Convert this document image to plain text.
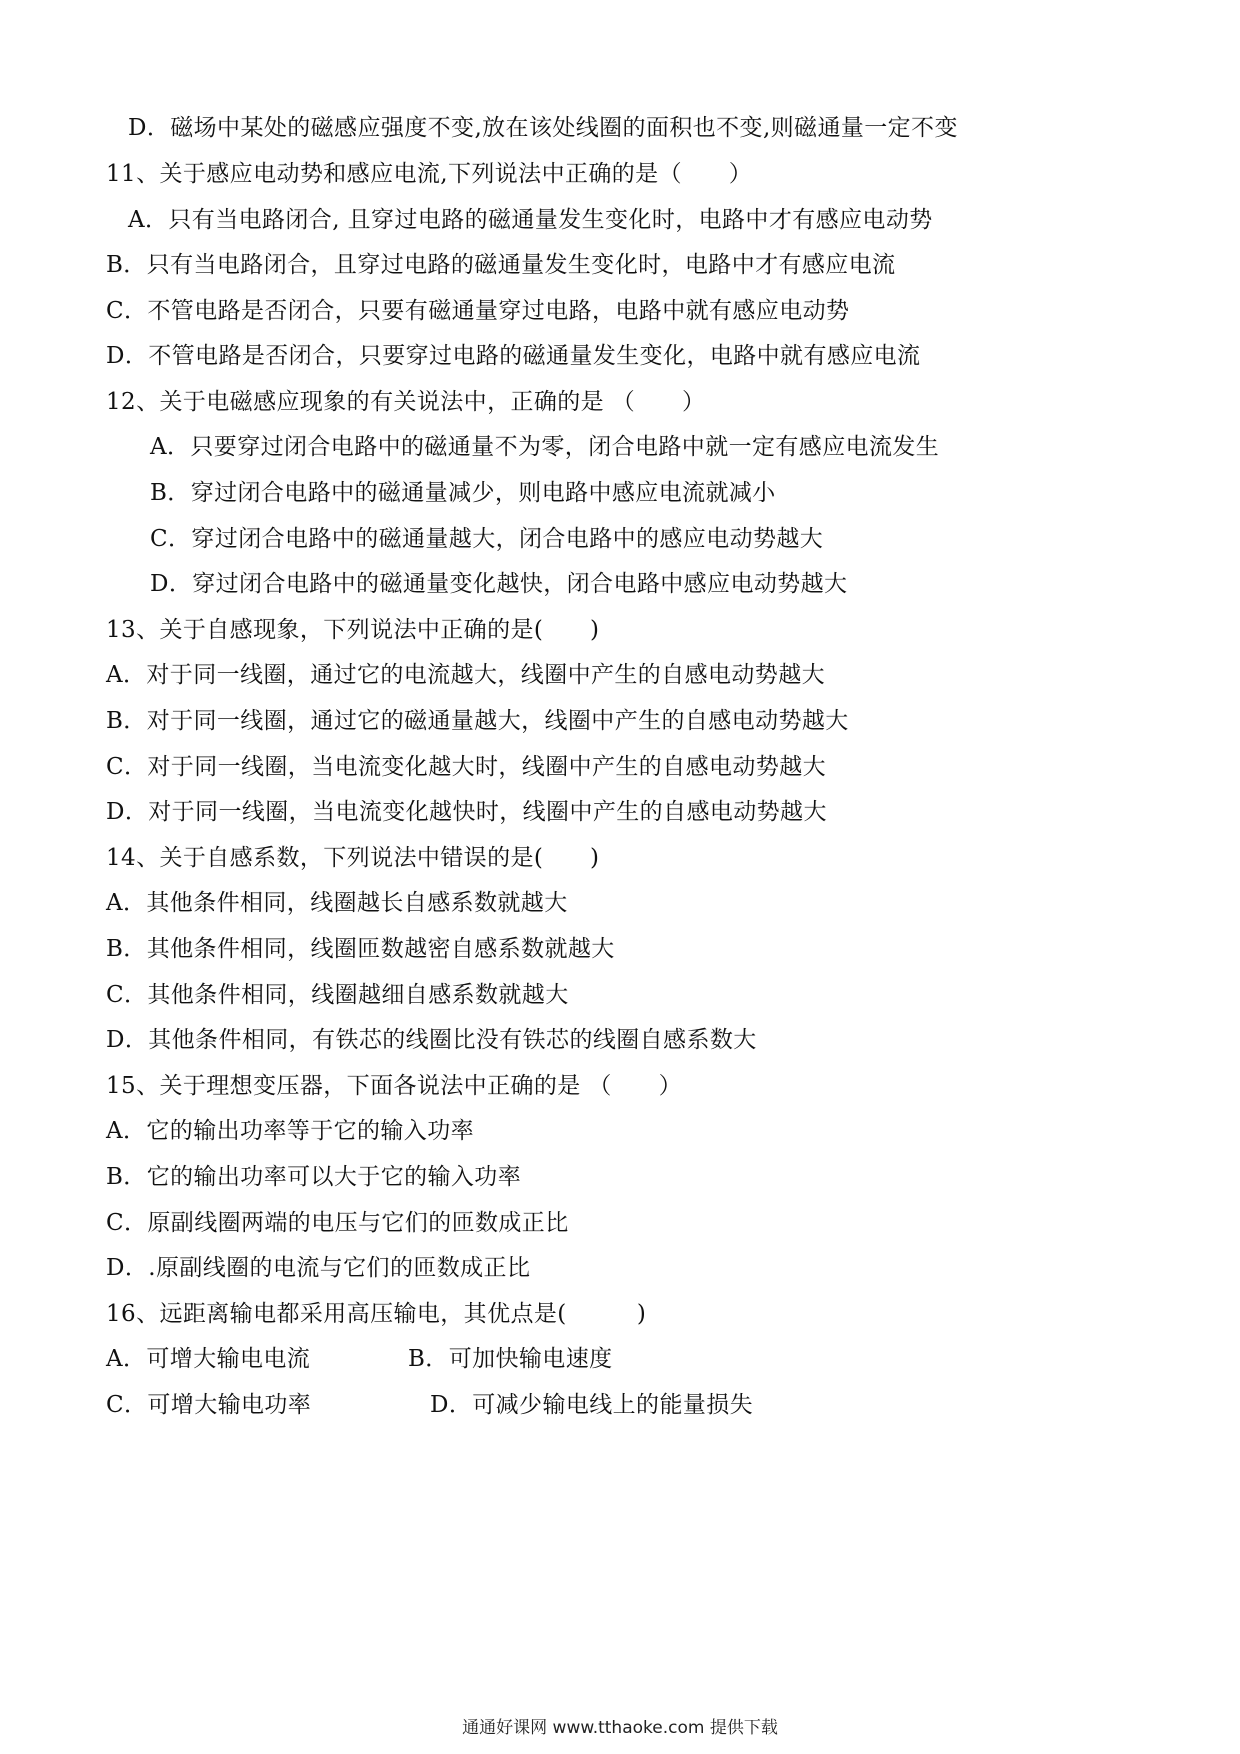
D．磁场中某处的磁感应强度不变,放在该处线圈的面积也不变,则磁通量一定不变
11、关于感应电动势和感应电流,下列说法中正确的是（　　）
A．只有当电路闭合, 且穿过电路的磁通量发生变化时，电路中才有感应电动势
B．只有当电路闭合，且穿过电路的磁通量发生变化时，电路中才有感应电流
C．不管电路是否闭合，只要有磁通量穿过电路，电路中就有感应电动势
D．不管电路是否闭合，只要穿过电路的磁通量发生变化，电路中就有感应电流
12、关于电磁感应现象的有关说法中，正确的是 （　　）
A．只要穿过闭合电路中的磁通量不为零，闭合电路中就一定有感应电流发生
B．穿过闭合电路中的磁通量减少，则电路中感应电流就减小
C．穿过闭合电路中的磁通量越大，闭合电路中的感应电动势越大
D．穿过闭合电路中的磁通量变化越快，闭合电路中感应电动势越大
13、关于自感现象，下列说法中正确的是(　　)
A．对于同一线圈，通过它的电流越大，线圈中产生的自感电动势越大
B．对于同一线圈，通过它的磁通量越大，线圈中产生的自感电动势越大
C．对于同一线圈，当电流变化越大时，线圈中产生的自感电动势越大
D．对于同一线圈，当电流变化越快时，线圈中产生的自感电动势越大
14、关于自感系数，下列说法中错误的是(　　)
A．其他条件相同，线圈越长自感系数就越大
B．其他条件相同，线圈匝数越密自感系数就越大
C．其他条件相同，线圈越细自感系数就越大
D．其他条件相同，有铁芯的线圈比没有铁芯的线圈自感系数大
15、关于理想变压器，下面各说法中正确的是 （　　）
A．它的输出功率等于它的输入功率
B．它的输出功率可以大于它的输入功率
C．原副线圈两端的电压与它们的匝数成正比
D．.原副线圈的电流与它们的匝数成正比
16、远距离输电都采用高压输电，其优点是(　　　)
A．可增大输电电流	B．可加快输电速度
C．可增大输电功率	D．可减少输电线上的能量损失
通通好课网 www.tthaoke.com 提供下载
